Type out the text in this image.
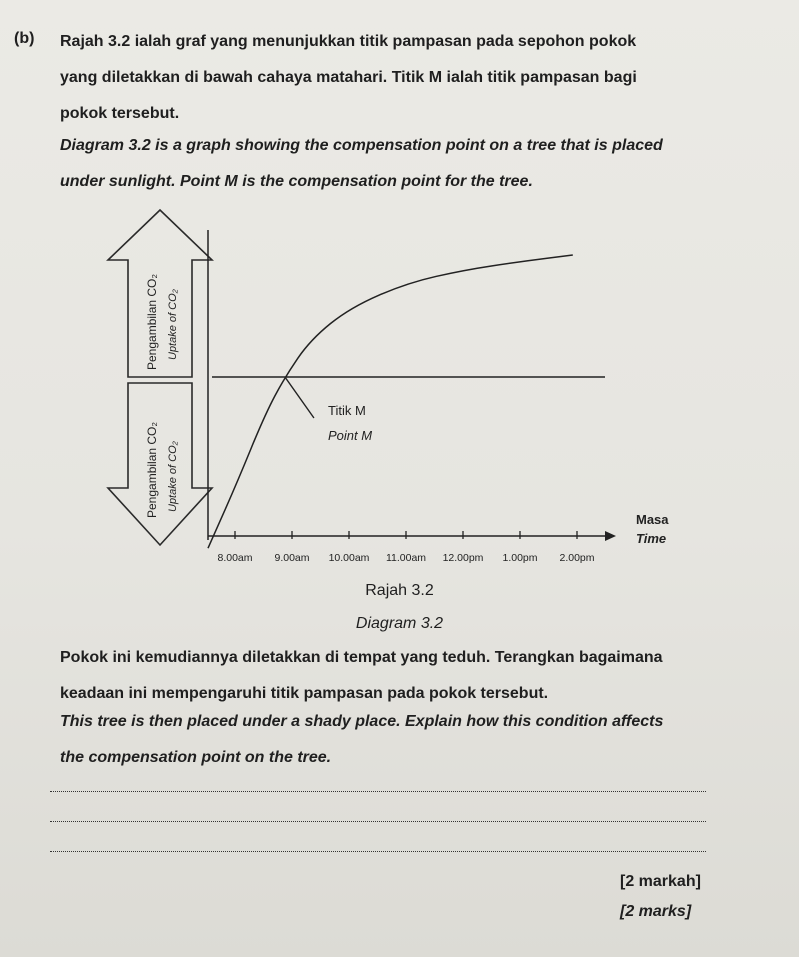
(b) Rajah 3.2 ialah graf yang menunjukkan titik pampasan pada sepohon pokok
yang diletakkan di bawah cahaya matahari. Titik M ialah titik pampasan bagi
pokok tersebut.
Diagram 3.2 is a graph showing the compensation point on a tree that is placed
under sunlight. Point M is the compensation point for the tree.
Pengambilan CO₂ Uptake of CO₂
Pengambilan CO₂ Uptake of CO₂
8.00am 9.00am 10.00am 11.00am 12.00pm 1.00pm 2.00pm
Titik M
Point M
Masa
Time
Rajah 3.2
Diagram 3.2
Pokok ini kemudiannya diletakkan di tempat yang teduh. Terangkan bagaimana
keadaan ini mempengaruhi titik pampasan pada pokok tersebut.
This tree is then placed under a shady place. Explain how this condition affects
the compensation point on the tree.
[2 markah]
[2 marks]
